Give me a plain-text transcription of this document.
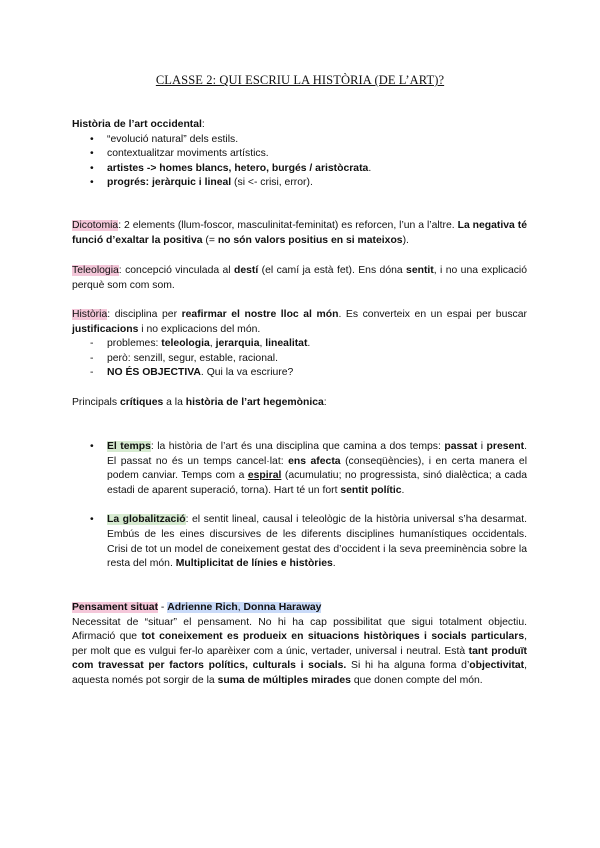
CLASSE 2: QUI ESCRIU LA HISTÒRIA (DE L’ART)?

Història de l’art occidental:

• “evolució natural” dels estils.
• contextualitzar moviments artístics.
• artistes -> homes blancs, hetero, burgés / aristòcrata.
• progrés: jeràrquic i lineal (si <- crisi, error).

Dicotomia: 2 elements (llum-foscor, masculinitat-feminitat) es reforcen, l’un a l’altre. La negativa té funció d’exaltar la positiva (= no són valors positius en si mateixos).

Teleologia: concepció vinculada al destí (el camí ja està fet). Ens dóna sentit, i no una explicació perquè som com som.

Història: disciplina per reafirmar el nostre lloc al món. Es converteix en un espai per buscar justificacions i no explicacions del món.

- problemes: teleologia, jerarquia, linealitat.
- però: senzill, segur, estable, racional.
- NO ÉS OBJECTIVA. Qui la va escriure?

Principals crítiques a la història de l’art hegemònica:

• El temps: la història de l’art és una disciplina que camina a dos temps: passat i present. El passat no és un temps cancel·lat: ens afecta (conseqüències), i en certa manera el podem canviar. Temps com a espiral (acumulatiu; no progressista, sinó dialèctica; a cada estadi de aparent superació, torna). Hart té un fort sentit polític.

• La globalització: el sentit lineal, causal i teleològic de la història universal s’ha desarmat. Embús de les eines discursives de les diferents disciplines humanístiques occidentals. Crisi de tot un model de coneixement gestat des d’occident i la seva preeminència sobre la resta del món. Multiplicitat de línies e històries.

Pensament situat - Adrienne Rich, Donna Haraway

Necessitat de “situar” el pensament. No hi ha cap possibilitat que sigui totalment objectiu. Afirmació que tot coneixement es produeix en situacions històriques i socials particulars, per molt que es vulgui fer-lo aparèixer com a únic, vertader, universal i neutral. Està tant produït com travessat per factors polítics, culturals i socials. Si hi ha alguna forma d’objectivitat, aquesta només pot sorgir de la suma de múltiples mirades que donen compte del món.
